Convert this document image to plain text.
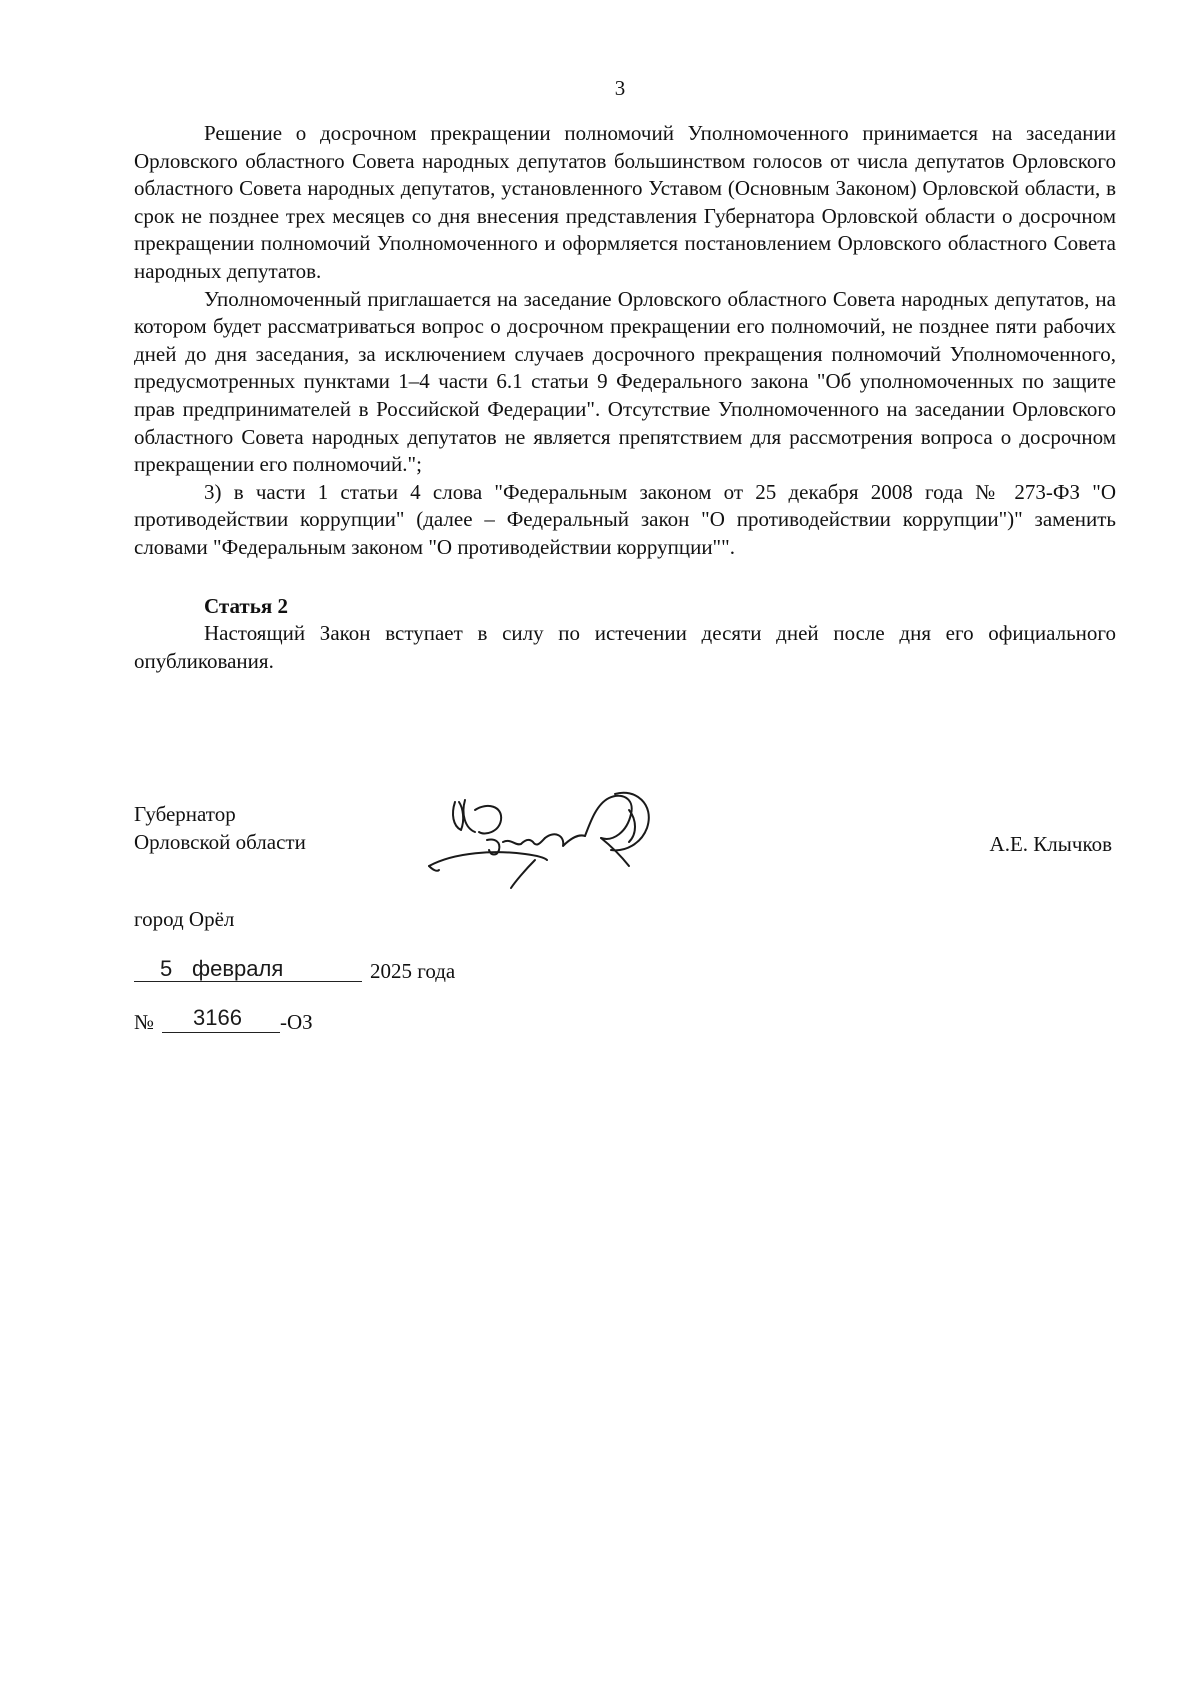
3

Решение о досрочном прекращении полномочий Уполномоченного принимается на заседании Орловского областного Совета народных депутатов большинством голосов от числа депутатов Орловского областного Совета народных депутатов, установленного Уставом (Основным Законом) Орловской области, в срок не позднее трех месяцев со дня внесения представления Губернатора Орловской области о досрочном прекращении полномочий Уполномоченного и оформляется постановлением Орловского областного Совета народных депутатов.

Уполномоченный приглашается на заседание Орловского областного Совета народных депутатов, на котором будет рассматриваться вопрос о досрочном прекращении его полномочий, не позднее пяти рабочих дней до дня заседания, за исключением случаев досрочного прекращения полномочий Уполномоченного, предусмотренных пунктами 1–4 части 6.1 статьи 9 Федерального закона "Об уполномоченных по защите прав предпринимателей в Российской Федерации". Отсутствие Уполномоченного на заседании Орловского областного Совета народных депутатов не является препятствием для рассмотрения вопроса о досрочном прекращении его полномочий.";

3) в части 1 статьи 4 слова "Федеральным законом от 25 декабря 2008 года № 273-ФЗ "О противодействии коррупции" (далее – Федеральный закон "О противодействии коррупции")" заменить словами "Федеральным законом "О противодействии коррупции"".

Статья 2

Настоящий Закон вступает в силу по истечении десяти дней после дня его официального опубликования.

Губернатор
Орловской области	А.Е. Клычков
город Орёл
5 февраля	2025 года
№ 3166 -ОЗ
